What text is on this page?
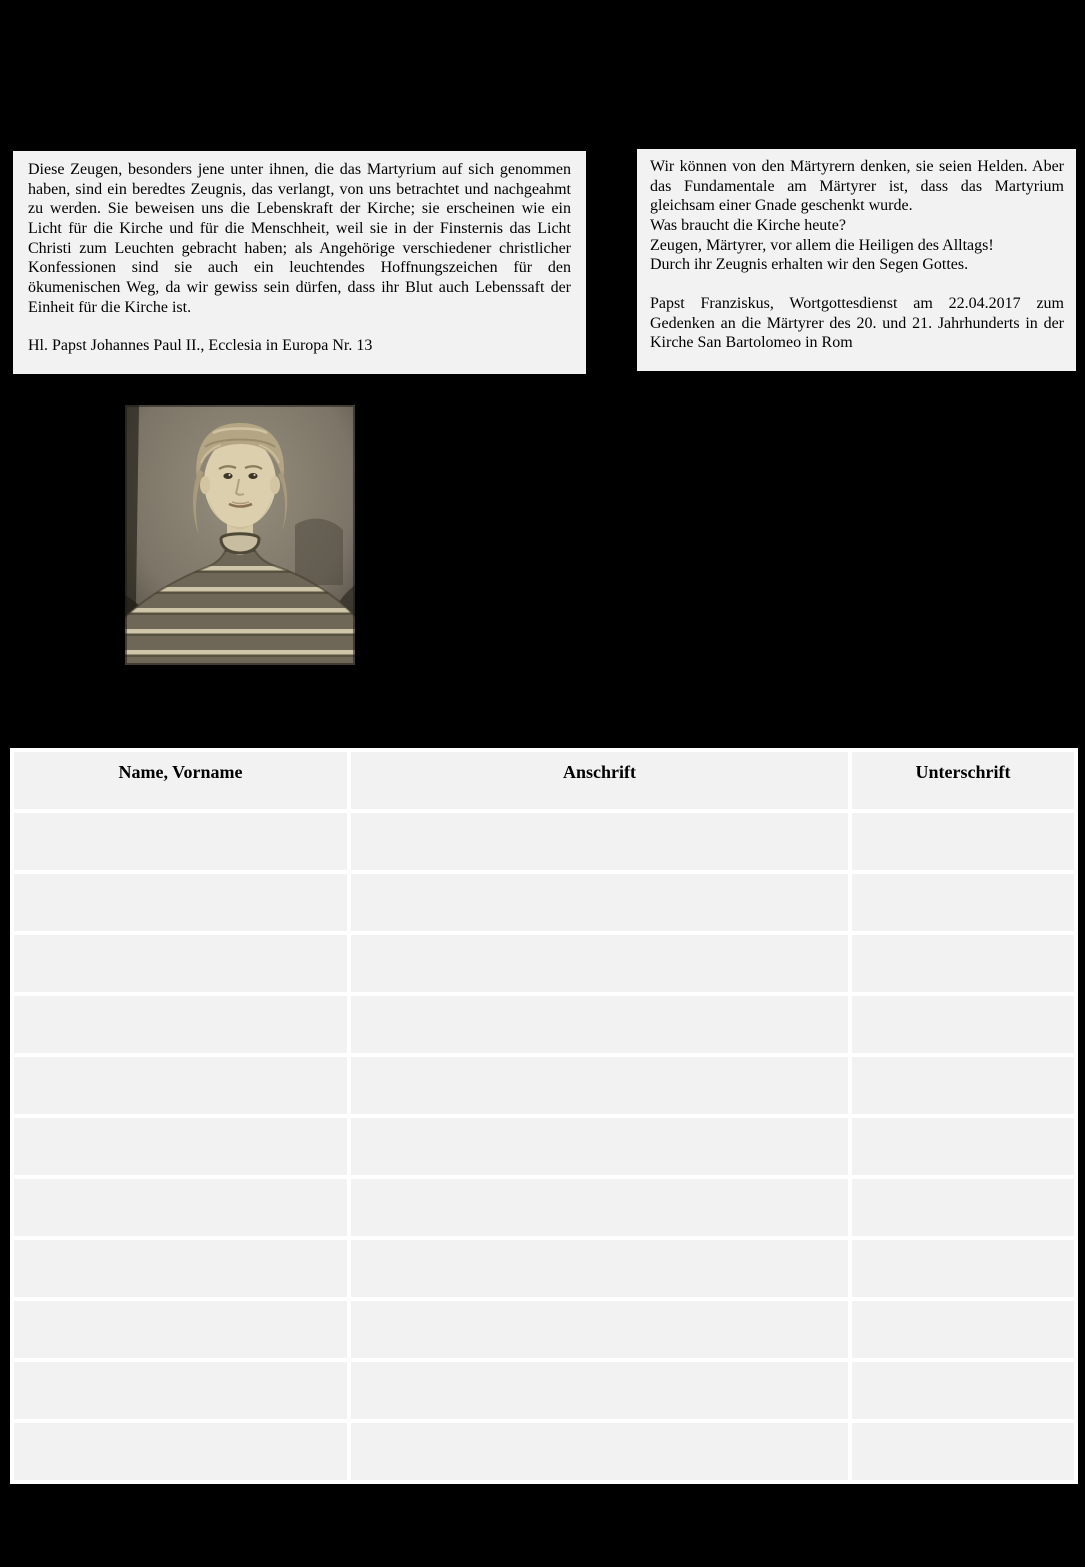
Diese Zeugen, besonders jene unter ihnen, die das Martyrium auf sich genommen haben, sind ein beredtes Zeugnis, das verlangt, von uns betrachtet und nachgeahmt zu werden. Sie beweisen uns die Lebenskraft der Kirche; sie erscheinen wie ein Licht für die Kirche und für die Menschheit, weil sie in der Finsternis das Licht Christi zum Leuchten gebracht haben; als Angehörige verschiedener christlicher Konfessionen sind sie auch ein leuchtendes Hoffnungszeichen für den ökumenischen Weg, da wir gewiss sein dürfen, dass ihr Blut auch Lebenssaft der Einheit für die Kirche ist.

Hl. Papst Johannes Paul II., Ecclesia in Europa Nr. 13

Wir können von den Märtyrern denken, sie seien Helden. Aber das Fundamentale am Märtyrer ist, dass das Martyrium gleichsam einer Gnade geschenkt wurde.

Was braucht die Kirche heute?

Zeugen, Märtyrer, vor allem die Heiligen des Alltags!

Durch ihr Zeugnis erhalten wir den Segen Gottes.

Papst Franziskus, Wortgottesdienst am 22.04.2017 zum Gedenken an die Märtyrer des 20. und 21. Jahrhunderts in der Kirche San Bartolomeo in Rom

Name, Vorname	Anschrift	Unterschrift
